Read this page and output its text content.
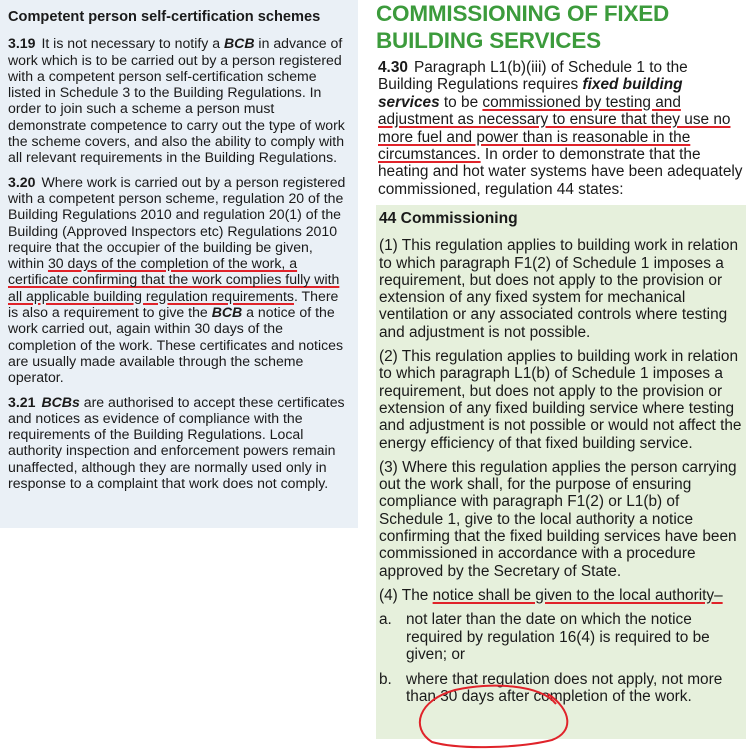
Competent person self-certification schemes

3.19 It is not necessary to notify a BCB in advance of work which is to be carried out by a person registered with a competent person self-certification scheme listed in Schedule 3 to the Building Regulations. In order to join such a scheme a person must demonstrate competence to carry out the type of work the scheme covers, and also the ability to comply with all relevant requirements in the Building Regulations.

3.20 Where work is carried out by a person registered with a competent person scheme, regulation 20 of the Building Regulations 2010 and regulation 20(1) of the Building (Approved Inspectors etc) Regulations 2010 require that the occupier of the building be given, within 30 days of the completion of the work, a certificate confirming that the work complies fully with all applicable building regulation requirements. There is also a requirement to give the BCB a notice of the work carried out, again within 30 days of the completion of the work. These certificates and notices are usually made available through the scheme operator.

3.21 BCBs are authorised to accept these certificates and notices as evidence of compliance with the requirements of the Building Regulations. Local authority inspection and enforcement powers remain unaffected, although they are normally used only in response to a complaint that work does not comply.

COMMISSIONING OF FIXED BUILDING SERVICES

4.30 Paragraph L1(b)(iii) of Schedule 1 to the Building Regulations requires fixed building services to be commissioned by testing and adjustment as necessary to ensure that they use no more fuel and power than is reasonable in the circumstances. In order to demonstrate that the heating and hot water systems have been adequately commissioned, regulation 44 states:

44 Commissioning

(1) This regulation applies to building work in relation to which paragraph F1(2) of Schedule 1 imposes a requirement, but does not apply to the provision or extension of any fixed system for mechanical ventilation or any associated controls where testing and adjustment is not possible.

(2) This regulation applies to building work in relation to which paragraph L1(b) of Schedule 1 imposes a requirement, but does not apply to the provision or extension of any fixed building service where testing and adjustment is not possible or would not affect the energy efficiency of that fixed building service.

(3) Where this regulation applies the person carrying out the work shall, for the purpose of ensuring compliance with paragraph F1(2) or L1(b) of Schedule 1, give to the local authority a notice confirming that the fixed building services have been commissioned in accordance with a procedure approved by the Secretary of State.

(4) The notice shall be given to the local authority–

a. not later than the date on which the notice required by regulation 16(4) is required to be given; or
b. where that regulation does not apply, not more than 30 days after completion of the work.
